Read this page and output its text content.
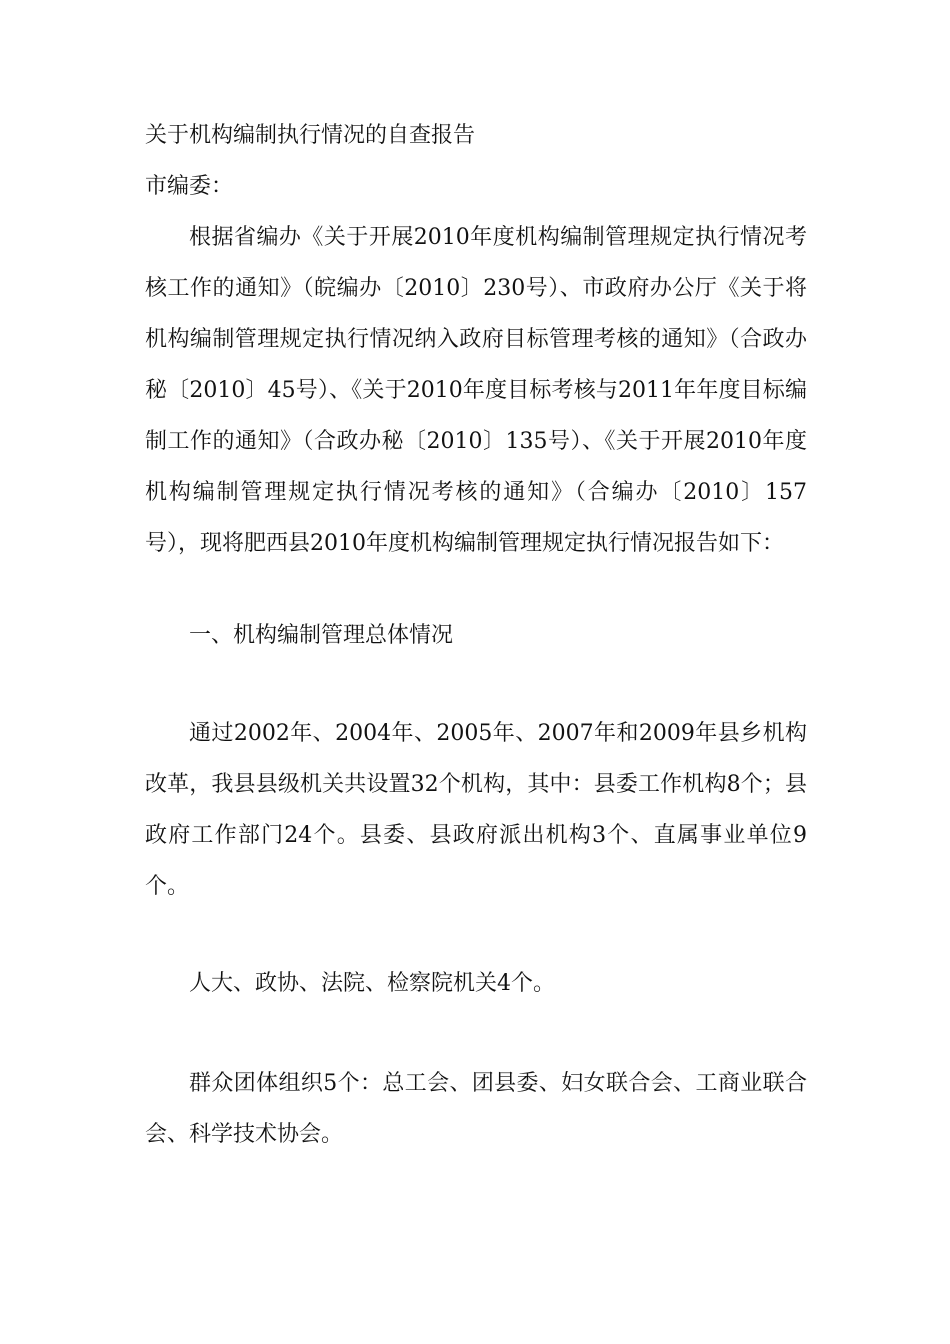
关于机构编制执行情况的自查报告
市编委：

根据省编办《关于开展2010年度机构编制管理规定执行情况考核工作的通知》（皖编办〔2010〕230号）、市政府办公厅《关于将机构编制管理规定执行情况纳入政府目标管理考核的通知》（合政办秘〔2010〕45号）、《关于2010年度目标考核与2011年年度目标编制工作的通知》（合政办秘〔2010〕135号）、《关于开展2010年度机构编制管理规定执行情况考核的通知》（合编办〔2010〕157号），现将肥西县2010年度机构编制管理规定执行情况报告如下：

一、机构编制管理总体情况

通过2002年、2004年、2005年、2007年和2009年县乡机构改革，我县县级机关共设置32个机构，其中：县委工作机构8个；县政府工作部门24个。县委、县政府派出机构3个、直属事业单位9个。

人大、政协、法院、检察院机关4个。

群众团体组织5个：总工会、团县委、妇女联合会、工商业联合会、科学技术协会。
